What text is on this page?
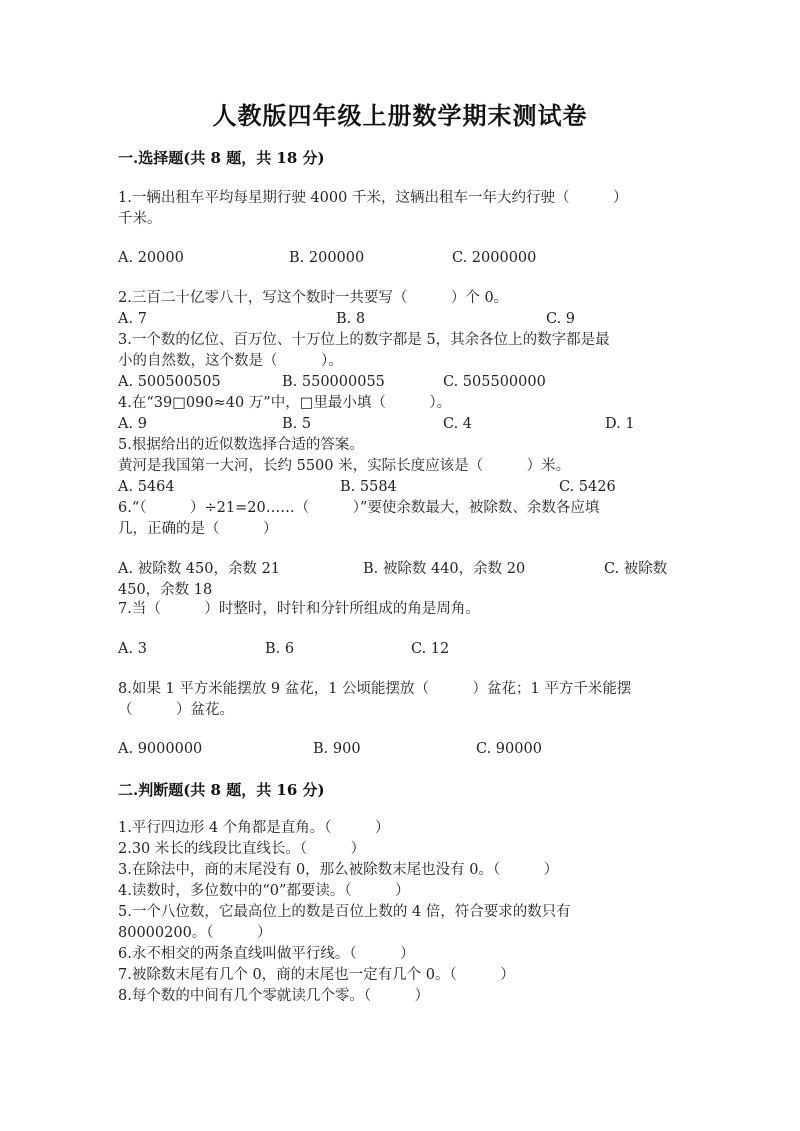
人教版四年级上册数学期末测试卷
一.选择题(共 8 题，共 18 分)
1.一辆出租车平均每星期行驶 4000 千米，这辆出租车一年大约行驶（　　　）
千米。
A. 20000	B. 200000	C. 2000000
2.三百二十亿零八十，写这个数时一共要写（　　　）个 0。
A. 7	B. 8	C. 9
3.一个数的亿位、百万位、十万位上的数字都是 5，其余各位上的数字都是最
小的自然数，这个数是（　　　）。
A. 500500505	B. 550000055	C. 505500000
4.在“39□090≈40 万”中，□里最小填（　　　）。
A. 9	B. 5	C. 4	D. 1
5.根据给出的近似数选择合适的答案。
黄河是我国第一大河，长约 5500 米，实际长度应该是（　　　）米。
A. 5464	B. 5584	C. 5426
6.“（　　　）÷21=20……（　　　）”要使余数最大，被除数、余数各应填
几，正确的是（　　　）
A. 被除数 450，余数 21	B. 被除数 440，余数 20	C. 被除数
450，余数 18
7.当（　　　）时整时，时针和分针所组成的角是周角。
A. 3	B. 6	C. 12
8.如果 1 平方米能摆放 9 盆花，1 公顷能摆放（　　　）盆花；1 平方千米能摆
（　　　）盆花。
A. 9000000	B. 900	C. 90000
二.判断题(共 8 题，共 16 分)
1.平行四边形 4 个角都是直角。（　　　）
2.30 米长的线段比直线长。（　　　）
3.在除法中，商的末尾没有 0，那么被除数末尾也没有 0。（　　　）
4.读数时，多位数中的“0”都要读。（　　　）
5.一个八位数，它最高位上的数是百位上数的 4 倍，符合要求的数只有
80000200。（　　　）
6.永不相交的两条直线叫做平行线。（　　　）
7.被除数末尾有几个 0，商的末尾也一定有几个 0。（　　　）
8.每个数的中间有几个零就读几个零。（　　　）
